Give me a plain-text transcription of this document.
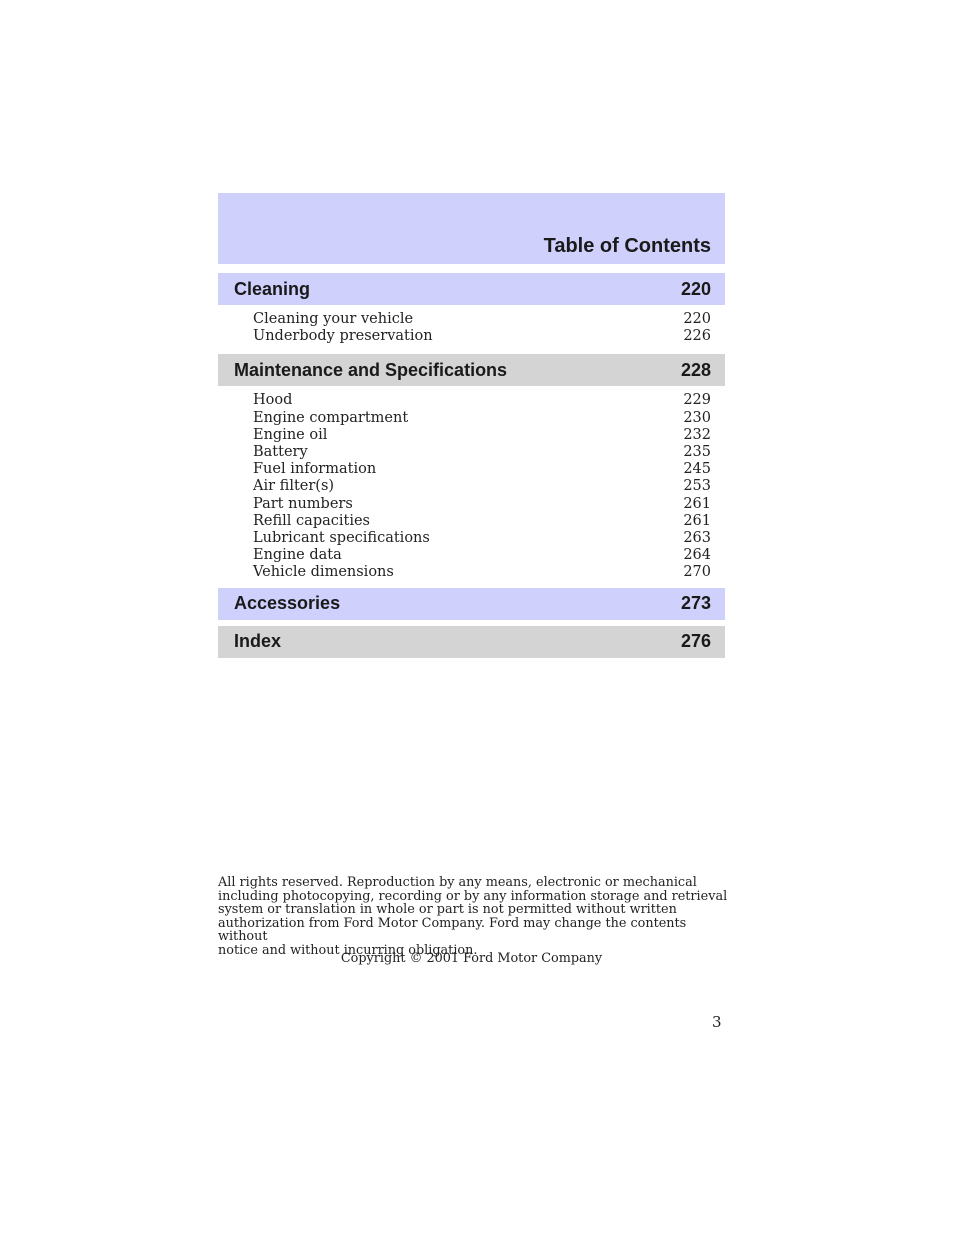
Table of Contents
Cleaning	220
Cleaning your vehicle	220
Underbody preservation	226
Maintenance and Specifications	228
Hood	229
Engine compartment	230
Engine oil	232
Battery	235
Fuel information	245
Air filter(s)	253
Part numbers	261
Refill capacities	261
Lubricant specifications	263
Engine data	264
Vehicle dimensions	270
Accessories	273
Index	276
All rights reserved. Reproduction by any means, electronic or mechanical
including photocopying, recording or by any information storage and retrieval
system or translation in whole or part is not permitted without written
authorization from Ford Motor Company. Ford may change the contents without
notice and without incurring obligation.
Copyright © 2001 Ford Motor Company
3
